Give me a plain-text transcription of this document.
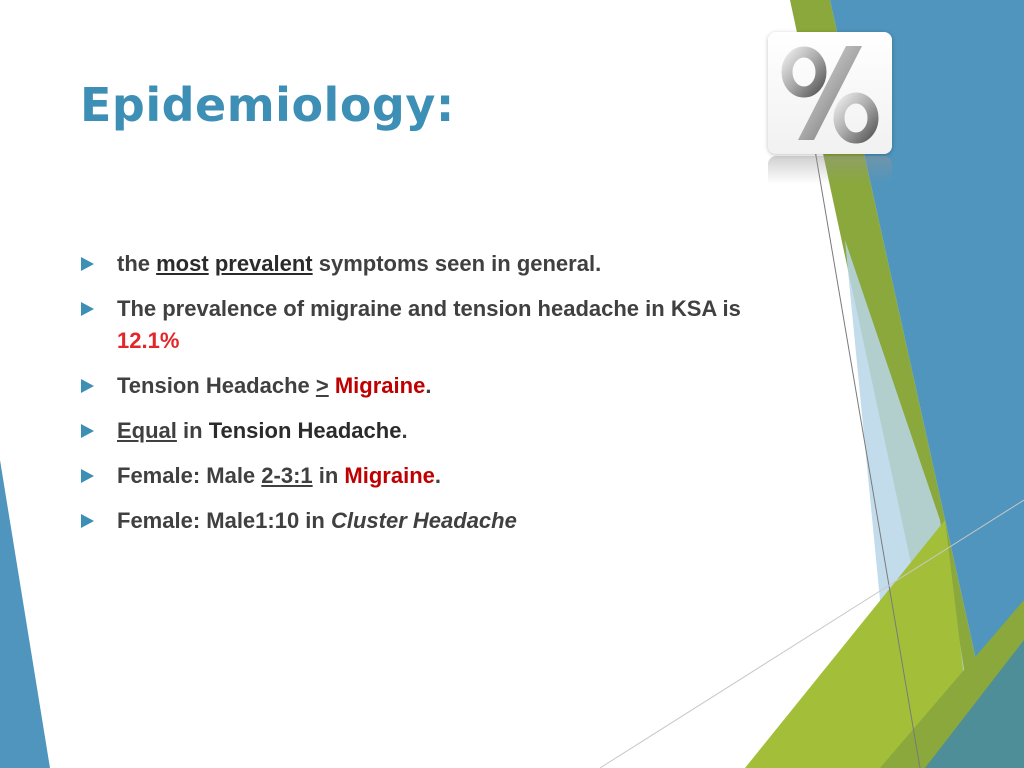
Epidemiology:
the most prevalent symptoms seen in general.
The prevalence of migraine and tension headache in KSA is 12.1%
Tension Headache > Migraine.
Equal in Tension Headache.
Female: Male 2-3:1 in Migraine.
Female: Male1:10 in Cluster Headache
